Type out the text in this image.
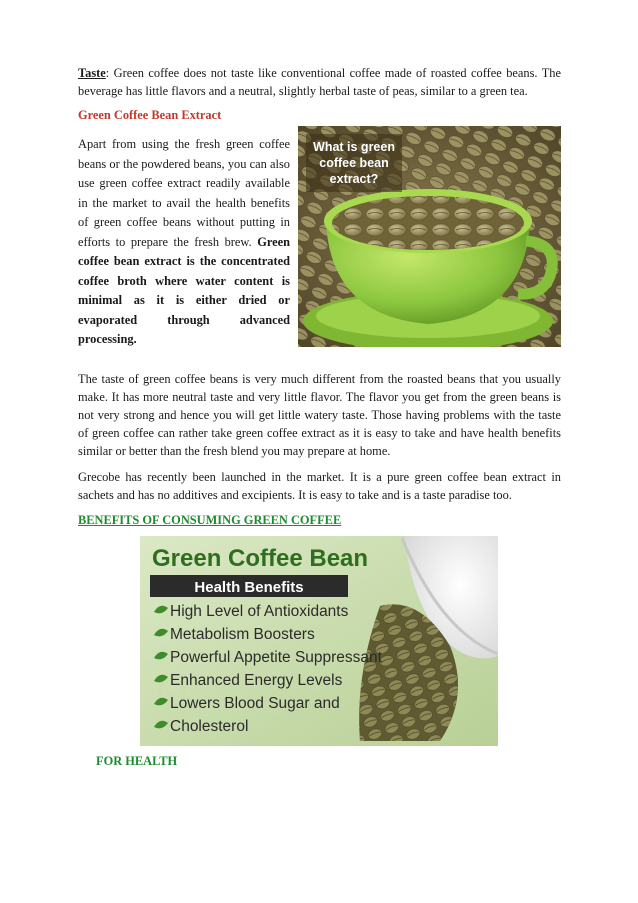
Taste: Green coffee does not taste like conventional coffee made of roasted coffee beans. The beverage has little flavors and a neutral, slightly herbal taste of peas, similar to a green tea.

Green Coffee Bean Extract

Apart from using the fresh green coffee beans or the powdered beans, you can also use green coffee extract readily available in the market to avail the health benefits of green coffee beans without putting in efforts to prepare the fresh brew. Green coffee bean extract is the concentrated coffee broth where water content is minimal as it is either dried or evaporated through advanced processing.

What is green
coffee bean
extract?

The taste of green coffee beans is very much different from the roasted beans that you usually make. It has more neutral taste and very little flavor. The flavor you get from the green beans is not very strong and hence you will get little watery taste. Those having problems with the taste of green coffee can rather take green coffee extract as it is easy to take and have health benefits similar or better than the fresh blend you may prepare at home.

Grecobe has recently been launched in the market. It is a pure green coffee bean extract in sachets and has no additives and excipients. It is easy to take and is a taste paradise too.

BENEFITS OF CONSUMING GREEN COFFEE
Green Coffee Bean
Health Benefits
High Level of Antioxidants
Metabolism Boosters
Powerful Appetite Suppressant
Enhanced Energy Levels
Lowers Blood Sugar and
Cholesterol
FOR HEALTH
